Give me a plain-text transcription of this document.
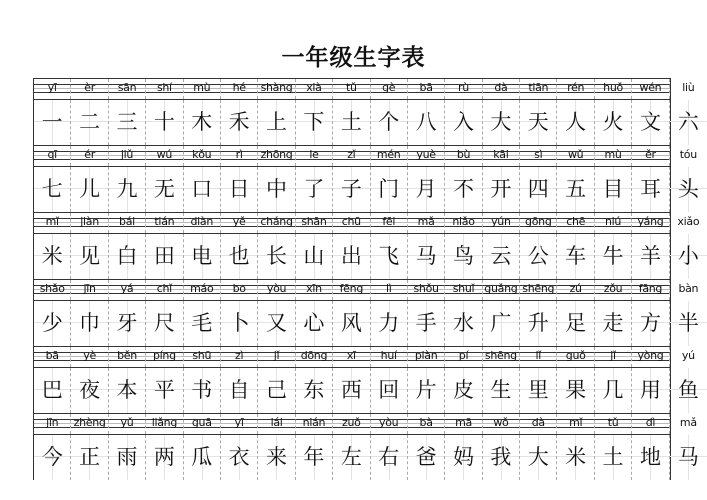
一年级生字表
yī	èr	sān	shí	mù	hé	shàng	xià	tǔ	gè	bā	rù	dà	tiān	rén	huǒ	wén	liù
一 二 三 十 木 禾 上 下 土 个 八 入 大 天 人 火 文 六
qī	ér	jiǔ	wú	kǒu	rì	zhōng	le	zǐ	mén	yuè	bù	kāi	sì	wǔ	mù	ěr	tóu
七 儿 九 无 口 日 中 了 子 门 月 不 开 四 五 目 耳 头
mǐ	jiàn	bái	tián	diàn	yě	cháng shān	chū	fēi	mǎ	niǎo	yún	gōng	chē	niú	yáng	xiǎo
米 见 白 田 电 也 长 山 出 飞 马 鸟 云 公 车 牛 羊 小
shǎo	jīn	yá	chǐ	máo	bo	yòu	xīn	fēng	lì	shǒu	shuǐ guǎng shēng	zú	zǒu	fāng	bàn
少 巾 牙 尺 毛 卜 又 心 风 力 手 水 广 升 足 走 方 半
bā	yè	běn	píng	shū	zì	jǐ	dōng	xī	huí	piàn	pí	shēng	lǐ	guǒ	jǐ	yòng	yú
巴 夜 本 平 书 自 己 东 西 回 片 皮 生 里 果 几 用 鱼
jīn	zhèng	yǔ	liǎng	guā	yī	lái	nián	zuǒ	yòu	bà	mā	wǒ	dà	mǐ	tǔ	dì	mǎ
今 正 雨 两 瓜 衣 来 年 左 右 爸 妈 我 大 米 土 地 马
